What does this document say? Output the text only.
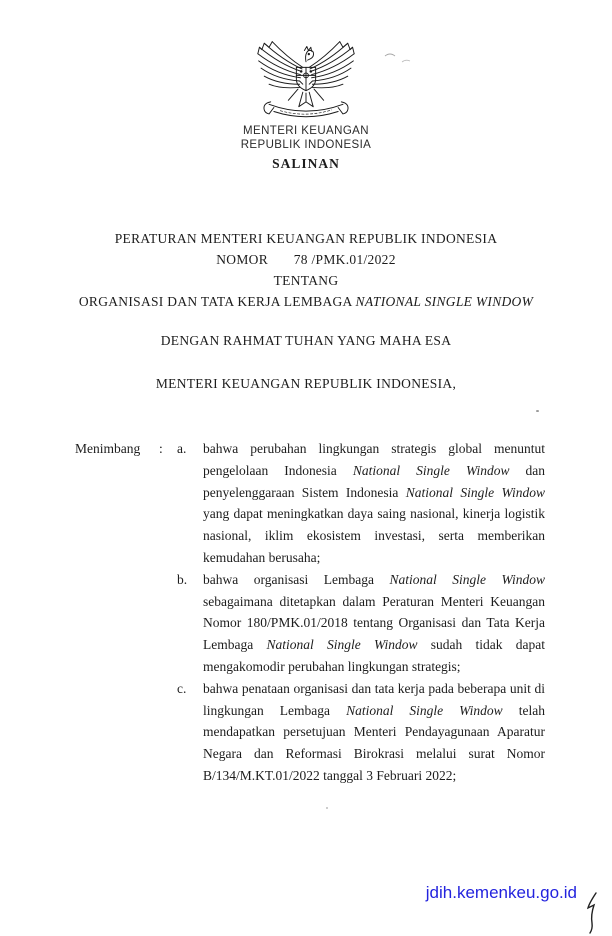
MENTERI KEUANGAN
REPUBLIK INDONESIA
SALINAN
PERATURAN MENTERI KEUANGAN REPUBLIK INDONESIA
NOMOR       78 /PMK.01/2022
TENTANG
ORGANISASI DAN TATA KERJA LEMBAGA NATIONAL SINGLE WINDOW
DENGAN RAHMAT TUHAN YANG MAHA ESA
MENTERI KEUANGAN REPUBLIK INDONESIA,
Menimbang	:	a.	bahwa perubahan lingkungan strategis global menuntut pengelolaan Indonesia National Single Window dan penyelenggaraan Sistem Indonesia National Single Window yang dapat meningkatkan daya saing nasional, kinerja logistik nasional, iklim ekosistem investasi, serta memberikan kemudahan berusaha;
b.	bahwa organisasi Lembaga National Single Window sebagaimana ditetapkan dalam Peraturan Menteri Keuangan Nomor 180/PMK.01/2018 tentang Organisasi dan Tata Kerja Lembaga National Single Window sudah tidak dapat mengakomodir perubahan lingkungan strategis;
c.	bahwa penataan organisasi dan tata kerja pada beberapa unit di lingkungan Lembaga National Single Window telah mendapatkan persetujuan Menteri Pendayagunaan Aparatur Negara dan Reformasi Birokrasi melalui surat Nomor B/134/M.KT.01/2022 tanggal 3 Februari 2022;
jdih.kemenkeu.go.id
